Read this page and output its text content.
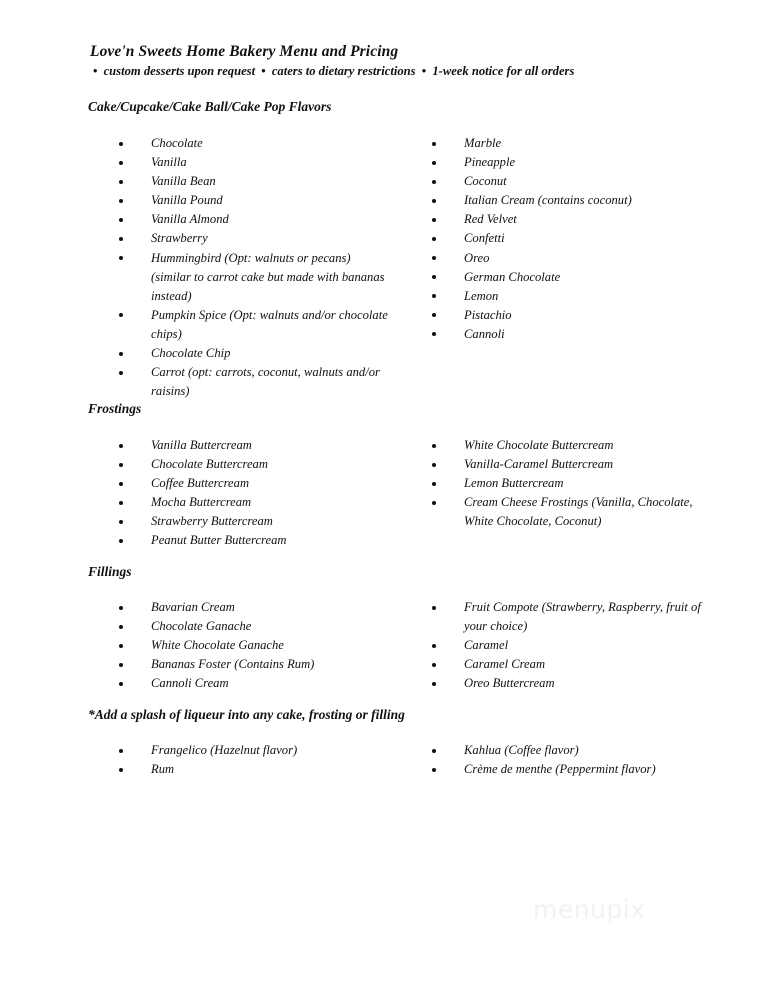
Love'n Sweets Home Bakery Menu and Pricing
• custom desserts upon request • caters to dietary restrictions • 1-week notice for all orders
Cake/Cupcake/Cake Ball/Cake Pop Flavors
Chocolate
Vanilla
Vanilla Bean
Vanilla Pound
Vanilla Almond
Strawberry
Hummingbird (Opt: walnuts or pecans) (similar to carrot cake but made with bananas instead)
Pumpkin Spice (Opt: walnuts and/or chocolate chips)
Chocolate Chip
Carrot (opt: carrots, coconut, walnuts and/or raisins)
Marble
Pineapple
Coconut
Italian Cream (contains coconut)
Red Velvet
Confetti
Oreo
German Chocolate
Lemon
Pistachio
Cannoli
Frostings
Vanilla Buttercream
Chocolate Buttercream
Coffee Buttercream
Mocha Buttercream
Strawberry Buttercream
Peanut Butter Buttercream
White Chocolate Buttercream
Vanilla-Caramel Buttercream
Lemon Buttercream
Cream Cheese Frostings (Vanilla, Chocolate, White Chocolate, Coconut)
Fillings
Bavarian Cream
Chocolate Ganache
White Chocolate Ganache
Bananas Foster (Contains Rum)
Cannoli Cream
Fruit Compote (Strawberry, Raspberry, fruit of your choice)
Caramel
Caramel Cream
Oreo Buttercream
*Add a splash of liqueur into any cake, frosting or filling
Frangelico (Hazelnut flavor)
Rum
Kahlua (Coffee flavor)
Crème de menthe (Peppermint flavor)

menupix
